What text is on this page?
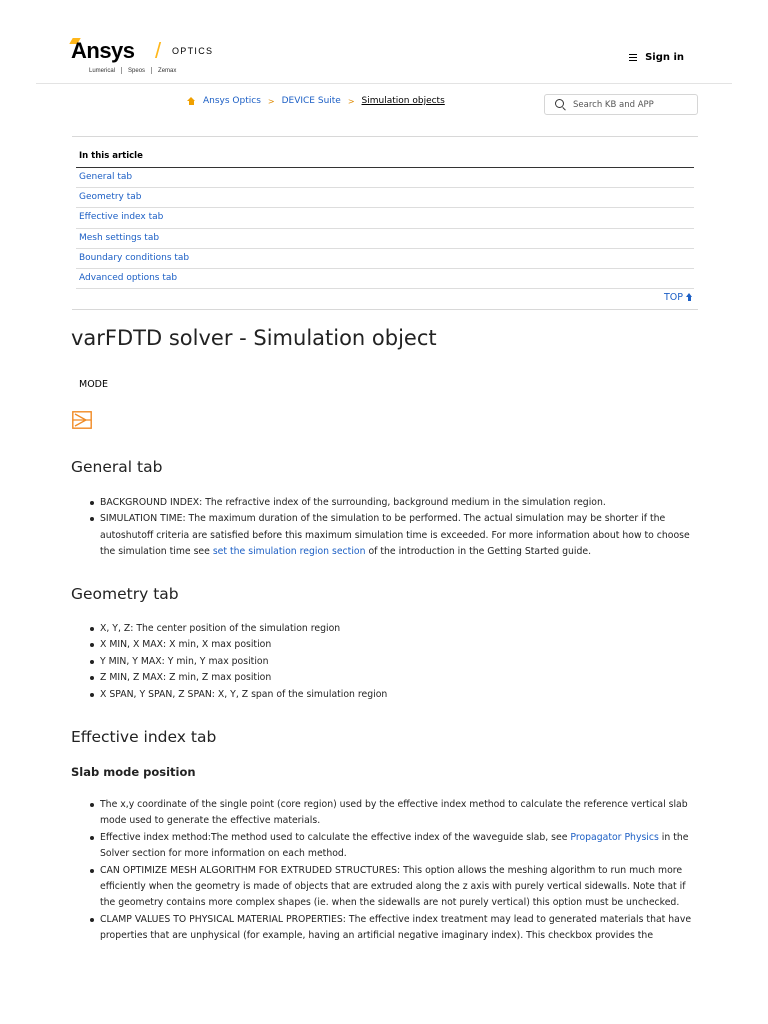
Ansys / OPTICS
Lumerical Speos Zemax
Sign in
Ansys Optics > DEVICE Suite > Simulation objects
Search KB and APP
In this article
General tab
Geometry tab
Effective index tab
Mesh settings tab
Boundary conditions tab
Advanced options tab
TOP
varFDTD solver - Simulation object
MODE
General tab
BACKGROUND INDEX: The refractive index of the surrounding, background medium in the simulation region.
SIMULATION TIME: The maximum duration of the simulation to be performed. The actual simulation may be shorter if the autoshutoff criteria are satisfied before this maximum simulation time is exceeded. For more information about how to choose the simulation time see set the simulation region section of the introduction in the Getting Started guide.
Geometry tab
X, Y, Z: The center position of the simulation region
X MIN, X MAX: X min, X max position
Y MIN, Y MAX: Y min, Y max position
Z MIN, Z MAX: Z min, Z max position
X SPAN, Y SPAN, Z SPAN: X, Y, Z span of the simulation region
Effective index tab
Slab mode position
The x,y coordinate of the single point (core region) used by the effective index method to calculate the reference vertical slab mode used to generate the effective materials.
Effective index method:The method used to calculate the effective index of the waveguide slab, see Propagator Physics in the Solver section for more information on each method.
CAN OPTIMIZE MESH ALGORITHM FOR EXTRUDED STRUCTURES: This option allows the meshing algorithm to run much more efficiently when the geometry is made of objects that are extruded along the z axis with purely vertical sidewalls. Note that if the geometry contains more complex shapes (ie. when the sidewalls are not purely vertical) this option must be unchecked.
CLAMP VALUES TO PHYSICAL MATERIAL PROPERTIES: The effective index treatment may lead to generated materials that have properties that are unphysical (for example, having an artificial negative imaginary index). This checkbox provides the
